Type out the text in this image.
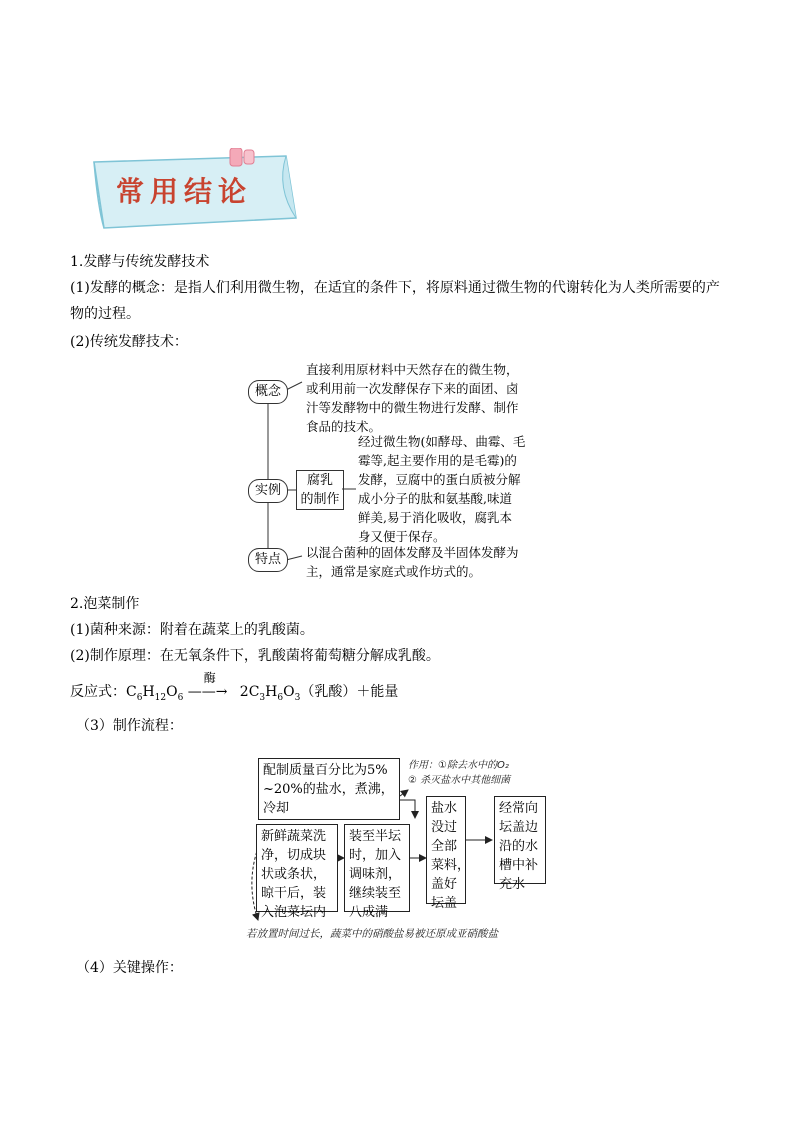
常用结论
1.发酵与传统发酵技术
(1)发酵的概念：是指人们利用微生物，在适宜的条件下，将原料通过微生物的代谢转化为人类所需要的产
物的过程。
(2)传统发酵技术：
概念
直接利用原材料中天然存在的微生物，
或利用前一次发酵保存下来的面团、卤
汁等发酵物中的微生物进行发酵、制作
食品的技术。
实例
腐乳
的制作
经过微生物(如酵母、曲霉、毛
霉等,起主要作用的是毛霉)的
发酵，豆腐中的蛋白质被分解
成小分子的肽和氨基酸,味道
鲜美,易于消化吸收，腐乳本
身又便于保存。
特点	以混合菌种的固体发酵及半固体发酵为
主，通常是家庭式或作坊式的。
2.泡菜制作
(1)菌种来源：附着在蔬菜上的乳酸菌。
(2)制作原理：在无氧条件下，乳酸菌将葡萄糖分解成乳酸。
反应式：$C_6H_{12}O_6$
酶
——→ $2C_3H_6O_3$（乳酸）＋能量
（3）制作流程：
配制质量百分比为5%
~20%的盐水，煮沸，
冷却
作用：①除去水中的O₂
② 杀灭盐水中其他细菌
新鲜蔬菜洗
净，切成块
状或条状，
晾干后，装
入泡菜坛内
装至半坛
时，加入
调味剂，
继续装至
八成满
盐水
没过
全部
菜料，
盖好
坛盖
经常向
坛盖边
沿的水
槽中补
充水
若放置时间过长，蔬菜中的硝酸盐易被还原成亚硝酸盐
（4）关键操作：
